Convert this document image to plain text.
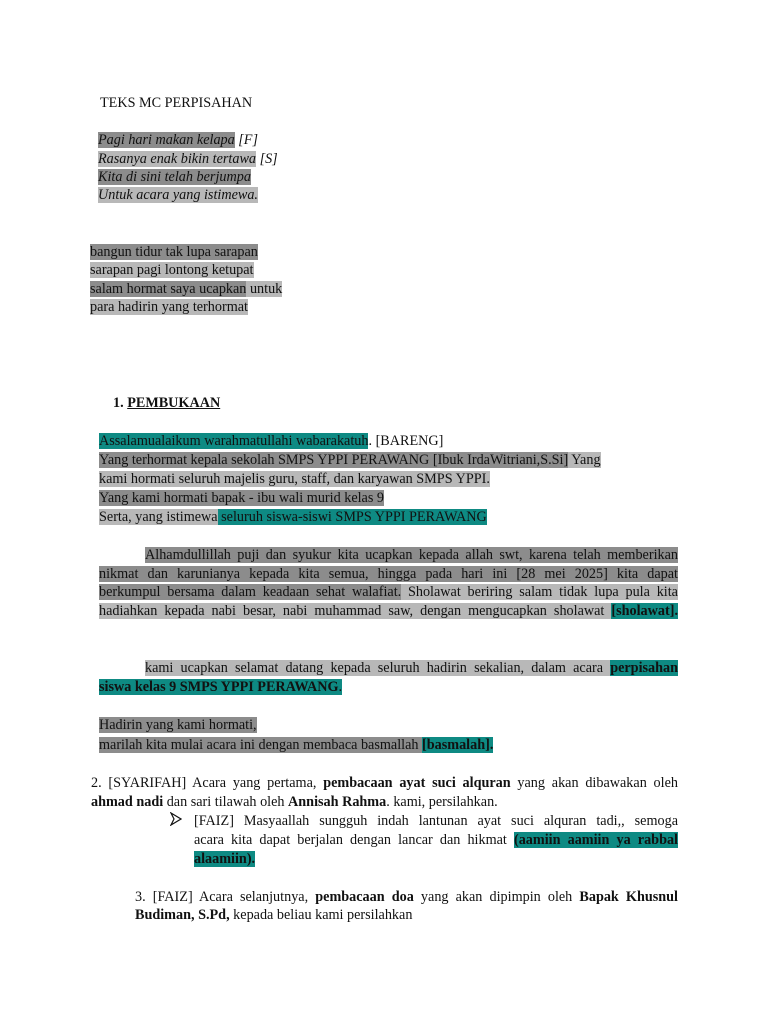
TEKS MC PERPISAHAN
Pagi hari makan kelapa [F]
Rasanya enak bikin tertawa [S]
Kita di sini telah berjumpa
Untuk acara yang istimewa.
bangun tidur tak lupa sarapan
sarapan pagi lontong ketupat
salam hormat saya ucapkan untuk
para hadirin yang terhormat
1. PEMBUKAAN
Assalamualaikum warahmatullahi wabarakatuh. [BARENG]
Yang terhormat kepala sekolah SMPS YPPI PERAWANG [Ibuk IrdaWitriani,S.Si] Yang
kami hormati seluruh majelis guru, staff, dan karyawan SMPS YPPI.
Yang kami hormati bapak - ibu wali murid kelas 9
Serta, yang istimewa seluruh siswa-siswi SMPS YPPI PERAWANG
Alhamdullillah puji dan syukur kita ucapkan kepada allah swt, karena telah memberikan
nikmat dan karunianya kepada kita semua, hingga pada hari ini [28 mei 2025] kita dapat
berkumpul bersama dalam keadaan sehat walafiat. Sholawat beriring salam tidak lupa pula kita
hadiahkan kepada nabi besar, nabi muhammad saw, dengan mengucapkan sholawat [sholawat].
kami ucapkan selamat datang kepada seluruh hadirin sekalian, dalam acara perpisahan
siswa kelas 9 SMPS YPPI PERAWANG.
Hadirin yang kami hormati,
marilah kita mulai acara ini dengan membaca basmallah [basmalah].
2. [SYARIFAH] Acara yang pertama, pembacaan ayat suci alquran yang akan dibawakan oleh
ahmad nadi dan sari tilawah oleh Annisah Rahma. kami, persilahkan.
[FAIZ] Masyaallah sungguh indah lantunan ayat suci alquran tadi,, semoga
acara kita dapat berjalan dengan lancar dan hikmat (aamiin aamiin ya rabbal
alaamiin).
3. [FAIZ] Acara selanjutnya, pembacaan doa yang akan dipimpin oleh Bapak Khusnul
Budiman, S.Pd, kepada beliau kami persilahkan
